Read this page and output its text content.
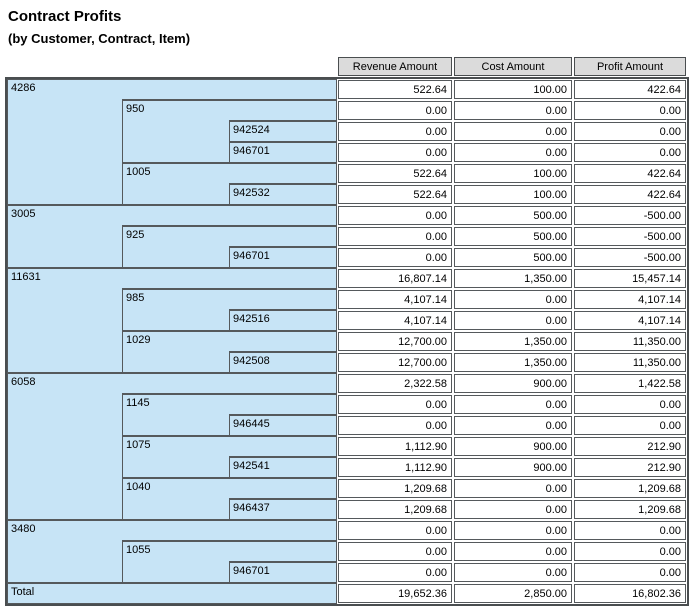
Contract Profits
(by Customer, Contract, Item)
	Revenue Amount	Cost Amount	Profit Amount
4286			522.64	100.00	422.64
	950		0.00	0.00	0.00
		942524	0.00	0.00	0.00
		946701	0.00	0.00	0.00
	1005		522.64	100.00	422.64
		942532	522.64	100.00	422.64
3005			0.00	500.00	-500.00
	925		0.00	500.00	-500.00
		946701	0.00	500.00	-500.00
11631			16,807.14	1,350.00	15,457.14
	985		4,107.14	0.00	4,107.14
		942516	4,107.14	0.00	4,107.14
	1029		12,700.00	1,350.00	11,350.00
		942508	12,700.00	1,350.00	11,350.00
6058			2,322.58	900.00	1,422.58
	1145		0.00	0.00	0.00
		946445	0.00	0.00	0.00
	1075		1,112.90	900.00	212.90
		942541	1,112.90	900.00	212.90
	1040		1,209.68	0.00	1,209.68
		946437	1,209.68	0.00	1,209.68
3480			0.00	0.00	0.00
	1055		0.00	0.00	0.00
		946701	0.00	0.00	0.00
Total			19,652.36	2,850.00	16,802.36
